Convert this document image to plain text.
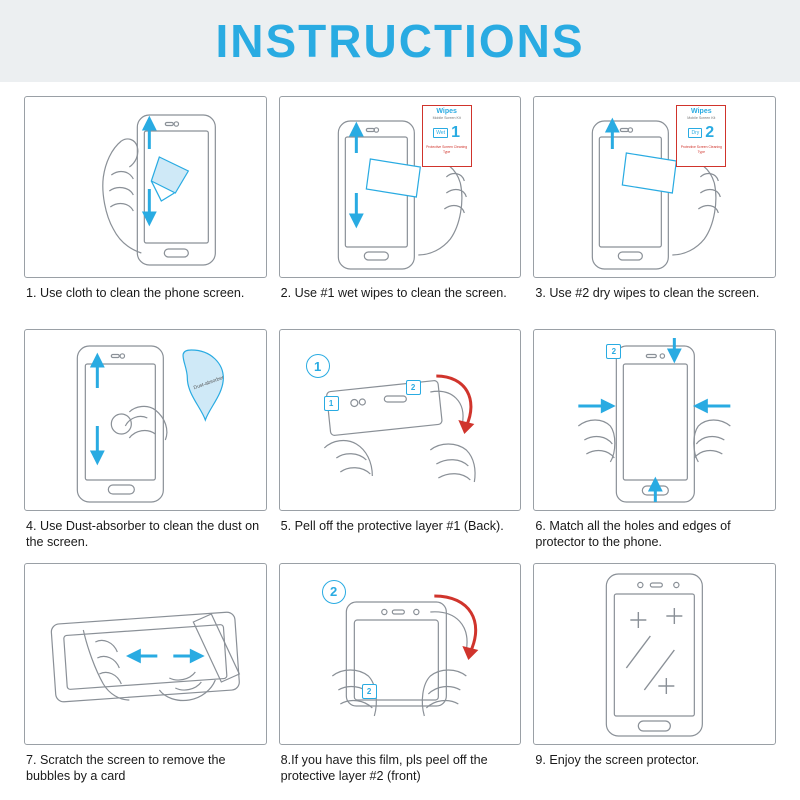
INSTRUCTIONS
1. Use cloth to clean the phone screen.
Wipes
Mobile Screen Kit
Wet 1
Protective Screen Cleaning Type
2. Use #1 wet wipes to clean the screen.
Wipes
Mobile Screen Kit
Dry 2
Protective Screen Cleaning Type
3. Use #2 dry wipes to clean the screen.
Dust-absorber
4. Use Dust-absorber to clean the dust on the screen.
1
2
1
5. Pell off the protective layer #1 (Back).
2
6. Match all the holes and edges of protector to the phone.
7. Scratch the screen to remove the bubbles by a card
2
2
8.If you have this film, pls peel off the protective layer #2 (front)
9. Enjoy the screen protector.
